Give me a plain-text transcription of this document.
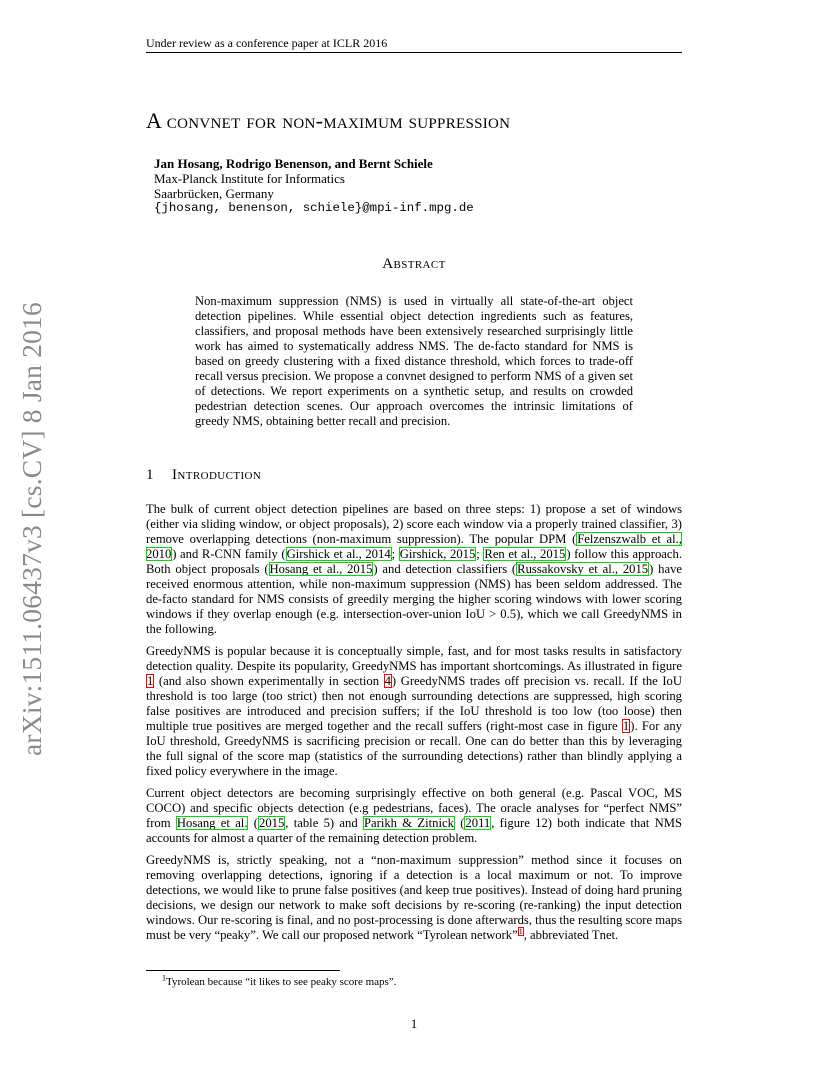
Under review as a conference paper at ICLR 2016
arXiv:1511.06437v3 [cs.CV] 8 Jan 2016
A convnet for non-maximum suppression
Jan Hosang, Rodrigo Benenson, and Bernt Schiele
Max-Planck Institute for Informatics
Saarbrücken, Germany
{jhosang, benenson, schiele}@mpi-inf.mpg.de
Abstract
Non-maximum suppression (NMS) is used in virtually all state-of-the-art object detection pipelines. While essential object detection ingredients such as features, classifiers, and proposal methods have been extensively researched surprisingly little work has aimed to systematically address NMS. The de-facto standard for NMS is based on greedy clustering with a fixed distance threshold, which forces to trade-off recall versus precision. We propose a convnet designed to perform NMS of a given set of detections. We report experiments on a synthetic setup, and results on crowded pedestrian detection scenes. Our approach overcomes the intrinsic limitations of greedy NMS, obtaining better recall and precision.
1 Introduction

The bulk of current object detection pipelines are based on three steps: 1) propose a set of windows (either via sliding window, or object proposals), 2) score each window via a properly trained classifier, 3) remove overlapping detections (non-maximum suppression). The popular DPM (Felzenszwalb et al., 2010) and R-CNN family (Girshick et al., 2014; Girshick, 2015; Ren et al., 2015) follow this approach. Both object proposals (Hosang et al., 2015) and detection classifiers (Russakovsky et al., 2015) have received enormous attention, while non-maximum suppression (NMS) has been seldom addressed. The de-facto standard for NMS consists of greedily merging the higher scoring windows with lower scoring windows if they overlap enough (e.g. intersection-over-union IoU > 0.5), which we call GreedyNMS in the following.

GreedyNMS is popular because it is conceptually simple, fast, and for most tasks results in satisfactory detection quality. Despite its popularity, GreedyNMS has important shortcomings. As illustrated in figure 1 (and also shown experimentally in section 4) GreedyNMS trades off precision vs. recall. If the IoU threshold is too large (too strict) then not enough surrounding detections are suppressed, high scoring false positives are introduced and precision suffers; if the IoU threshold is too low (too loose) then multiple true positives are merged together and the recall suffers (right-most case in figure 1). For any IoU threshold, GreedyNMS is sacrificing precision or recall. One can do better than this by leveraging the full signal of the score map (statistics of the surrounding detections) rather than blindly applying a fixed policy everywhere in the image.

Current object detectors are becoming surprisingly effective on both general (e.g. Pascal VOC, MS COCO) and specific objects detection (e.g pedestrians, faces). The oracle analyses for “perfect NMS” from Hosang et al. (2015, table 5) and Parikh & Zitnick (2011, figure 12) both indicate that NMS accounts for almost a quarter of the remaining detection problem.

GreedyNMS is, strictly speaking, not a “non-maximum suppression” method since it focuses on removing overlapping detections, ignoring if a detection is a local maximum or not. To improve detections, we would like to prune false positives (and keep true positives). Instead of doing hard pruning decisions, we design our network to make soft decisions by re-scoring (re-ranking) the input detection windows. Our re-scoring is final, and no post-processing is done afterwards, thus the resulting score maps must be very “peaky”. We call our proposed network “Tyrolean network”$^1$, abbreviated Tnet.

$^1$Tyrolean because “it likes to see peaky score maps”.
1
